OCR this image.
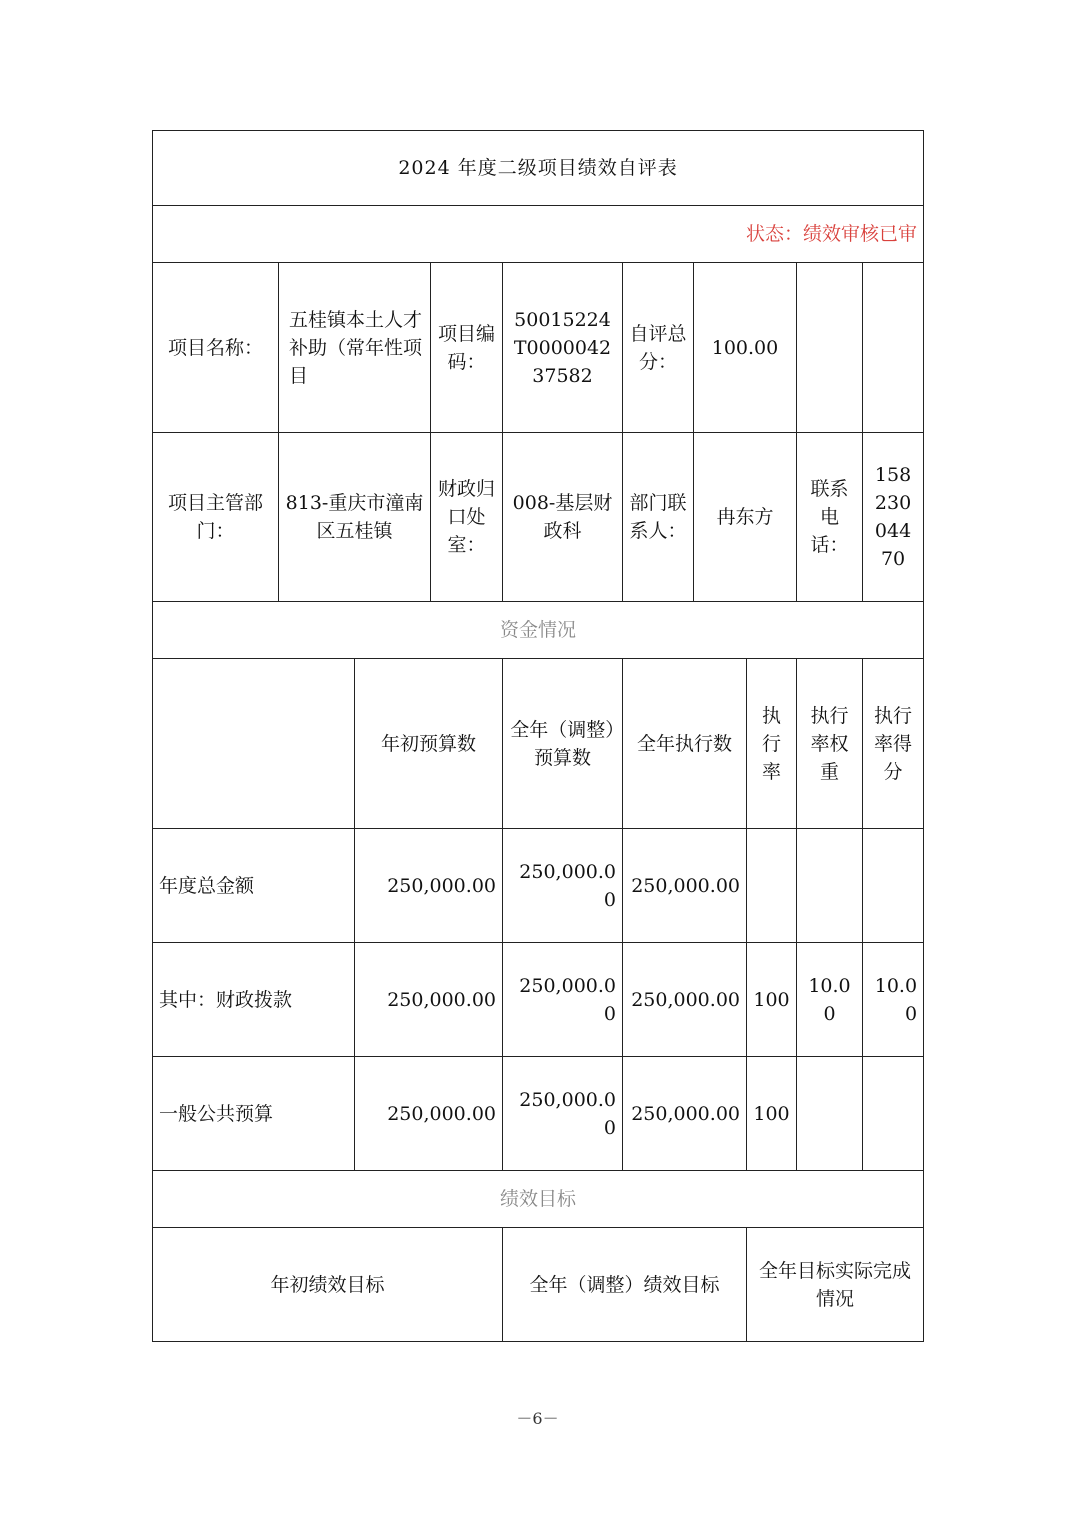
2024 年度二级项目绩效自评表									
状态：绩效审核已审									
项目名称：	五桂镇本土人才补助（常年性项目		项目编码：	50015224T000004237582	自评总分：	100.00			
项目主管部门：	813-重庆市潼南区五桂镇		财政归口处室：	008-基层财政科	部门联系人：	冉东方		联系电话：	15823004470
资金情况									
		年初预算数		全年（调整）预算数	全年执行数		执行率	执行率权重	执行率得分
年度总金额		250,000.00		250,000.00	250,000.00				
其中：财政拨款		250,000.00		250,000.00	250,000.00		100	10.00	10.00
一般公共预算		250,000.00		250,000.00	250,000.00		100		
绩效目标									
年初绩效目标				全年（调整）绩效目标			全年目标实际完成情况		
－6－
